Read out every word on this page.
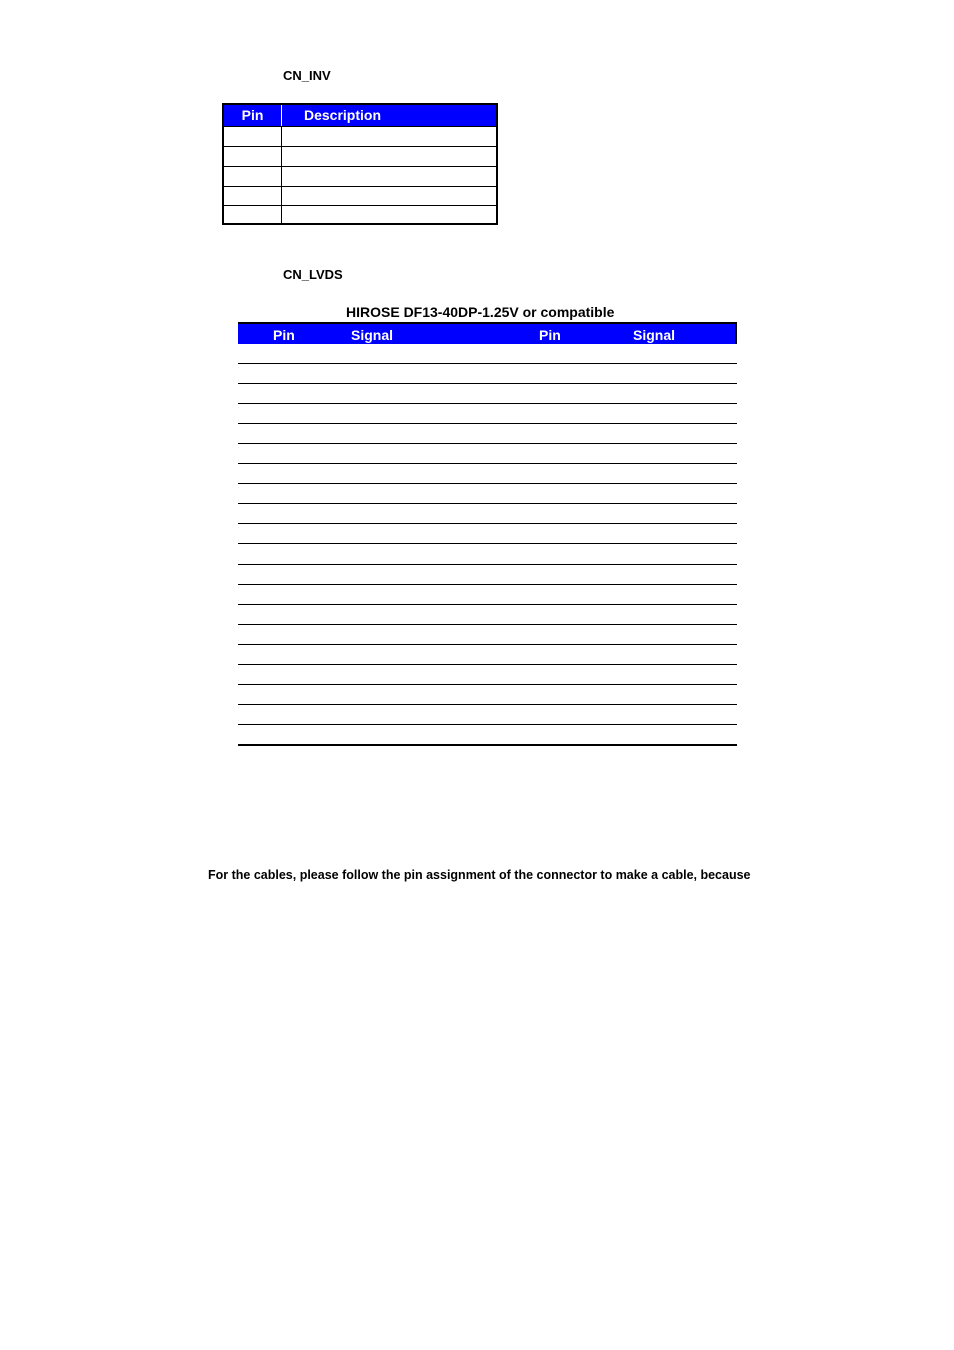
CN_INV
Pin	Description
CN_LVDS
HIROSE DF13-40DP-1.25V or compatible
Pin	Signal	Pin	Signal
For the cables, please follow the pin assignment of the connector to make a cable, because
